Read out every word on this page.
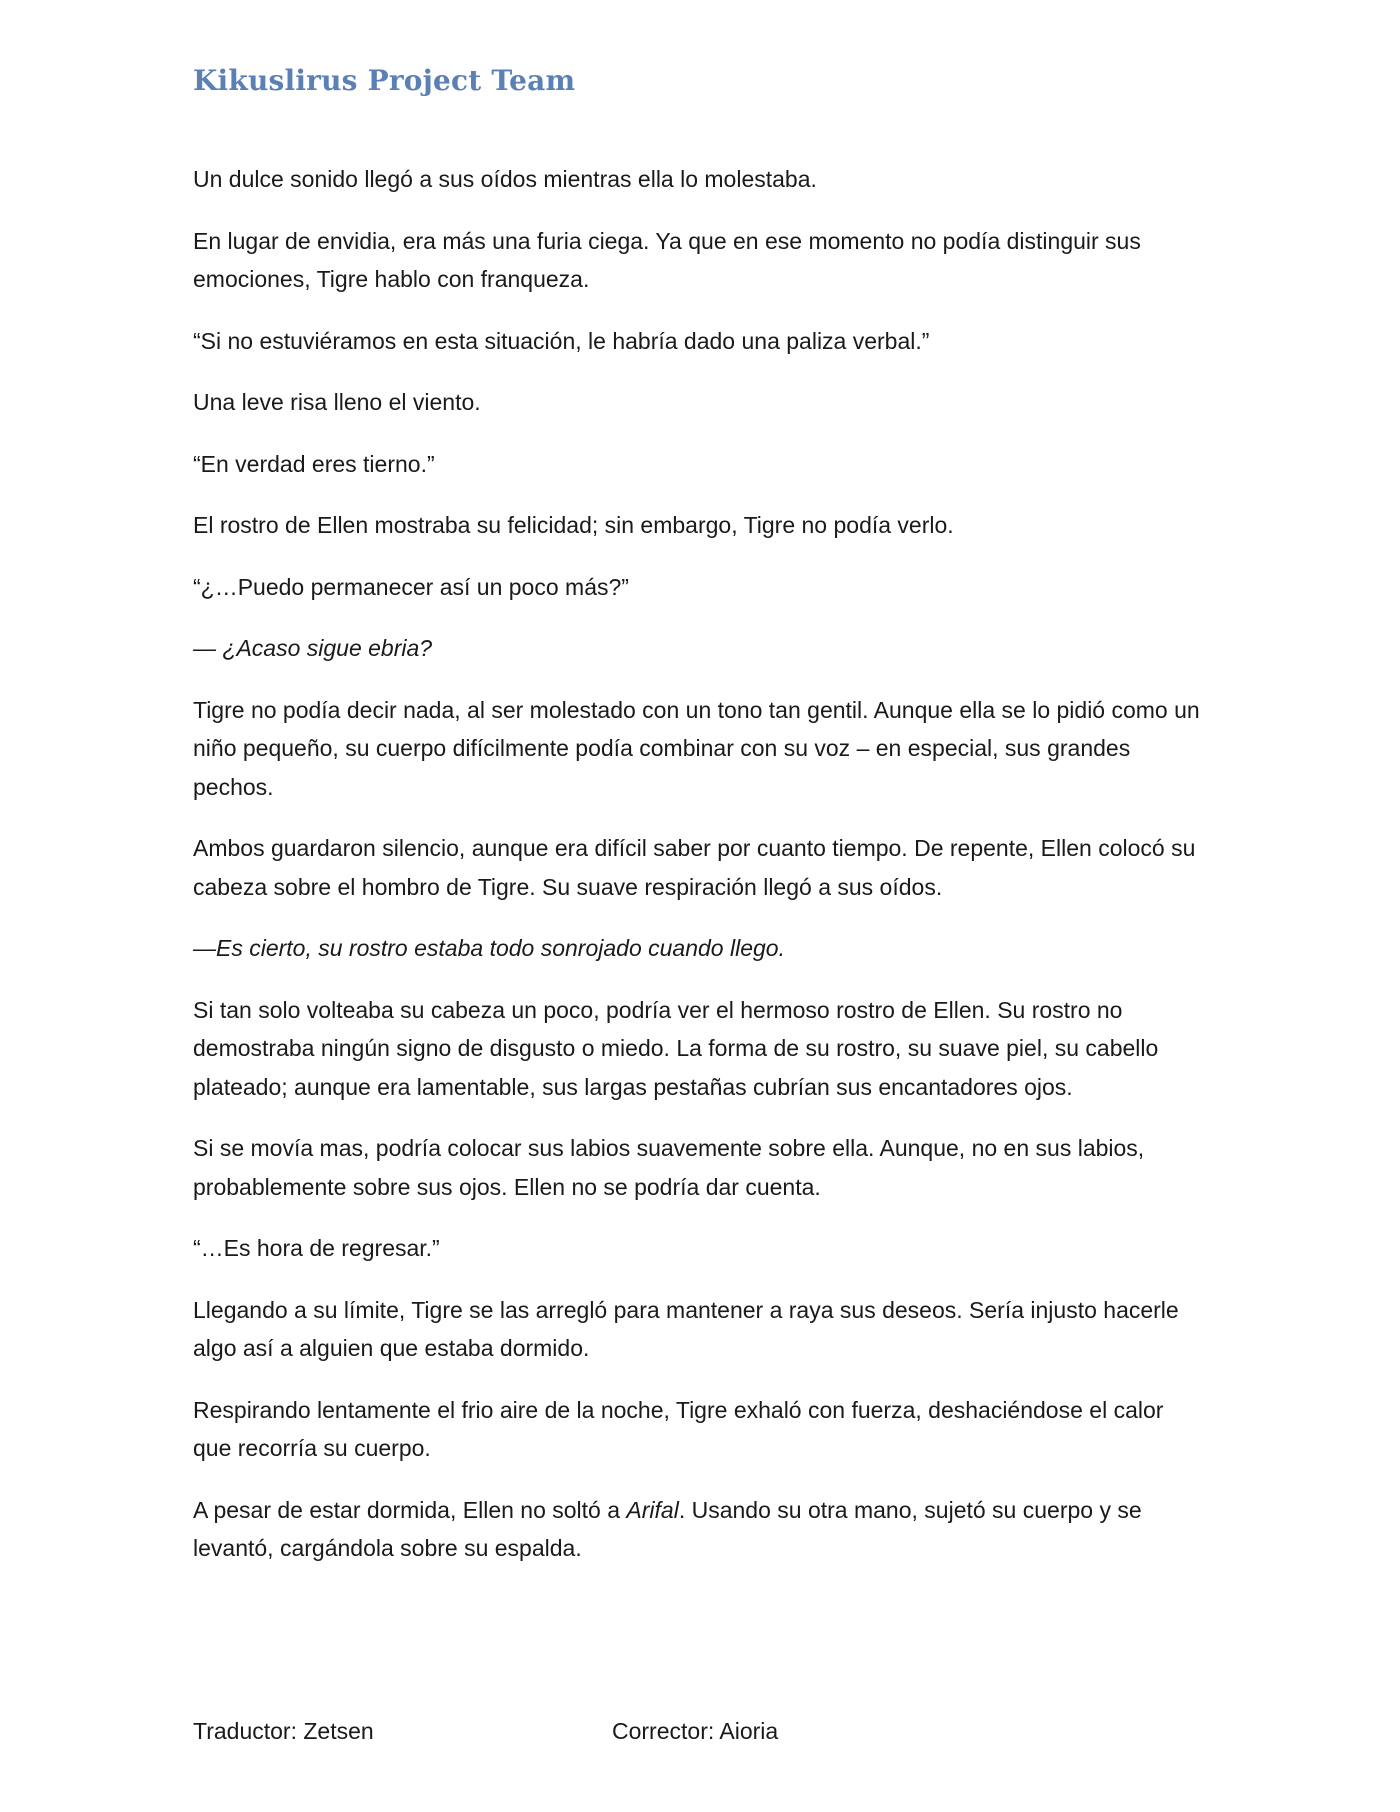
Kikuslirus Project Team

Un dulce sonido llegó a sus oídos mientras ella lo molestaba.

En lugar de envidia, era más una furia ciega. Ya que en ese momento no podía distinguir sus emociones, Tigre hablo con franqueza.

“Si no estuviéramos en esta situación, le habría dado una paliza verbal.”

Una leve risa lleno el viento.

“En verdad eres tierno.”

El rostro de Ellen mostraba su felicidad; sin embargo, Tigre no podía verlo.

“¿…Puedo permanecer así un poco más?”

— ¿Acaso sigue ebria?

Tigre no podía decir nada, al ser molestado con un tono tan gentil. Aunque ella se lo pidió como un niño pequeño, su cuerpo difícilmente podía combinar con su voz – en especial, sus grandes pechos.

Ambos guardaron silencio, aunque era difícil saber por cuanto tiempo. De repente, Ellen colocó su cabeza sobre el hombro de Tigre. Su suave respiración llegó a sus oídos.

—Es cierto, su rostro estaba todo sonrojado cuando llego.

Si tan solo volteaba su cabeza un poco, podría ver el hermoso rostro de Ellen. Su rostro no demostraba ningún signo de disgusto o miedo. La forma de su rostro, su suave piel, su cabello plateado; aunque era lamentable, sus largas pestañas cubrían sus encantadores ojos.

Si se movía mas, podría colocar sus labios suavemente sobre ella. Aunque, no en sus labios, probablemente sobre sus ojos. Ellen no se podría dar cuenta.

“…Es hora de regresar.”

Llegando a su límite, Tigre se las arregló para mantener a raya sus deseos. Sería injusto hacerle algo así a alguien que estaba dormido.

Respirando lentamente el frio aire de la noche, Tigre exhaló con fuerza, deshaciéndose el calor que recorría su cuerpo.

A pesar de estar dormida, Ellen no soltó a Arifal. Usando su otra mano, sujetó su cuerpo y se levantó, cargándola sobre su espalda.

Traductor: Zetsen	Corrector: Aioria
